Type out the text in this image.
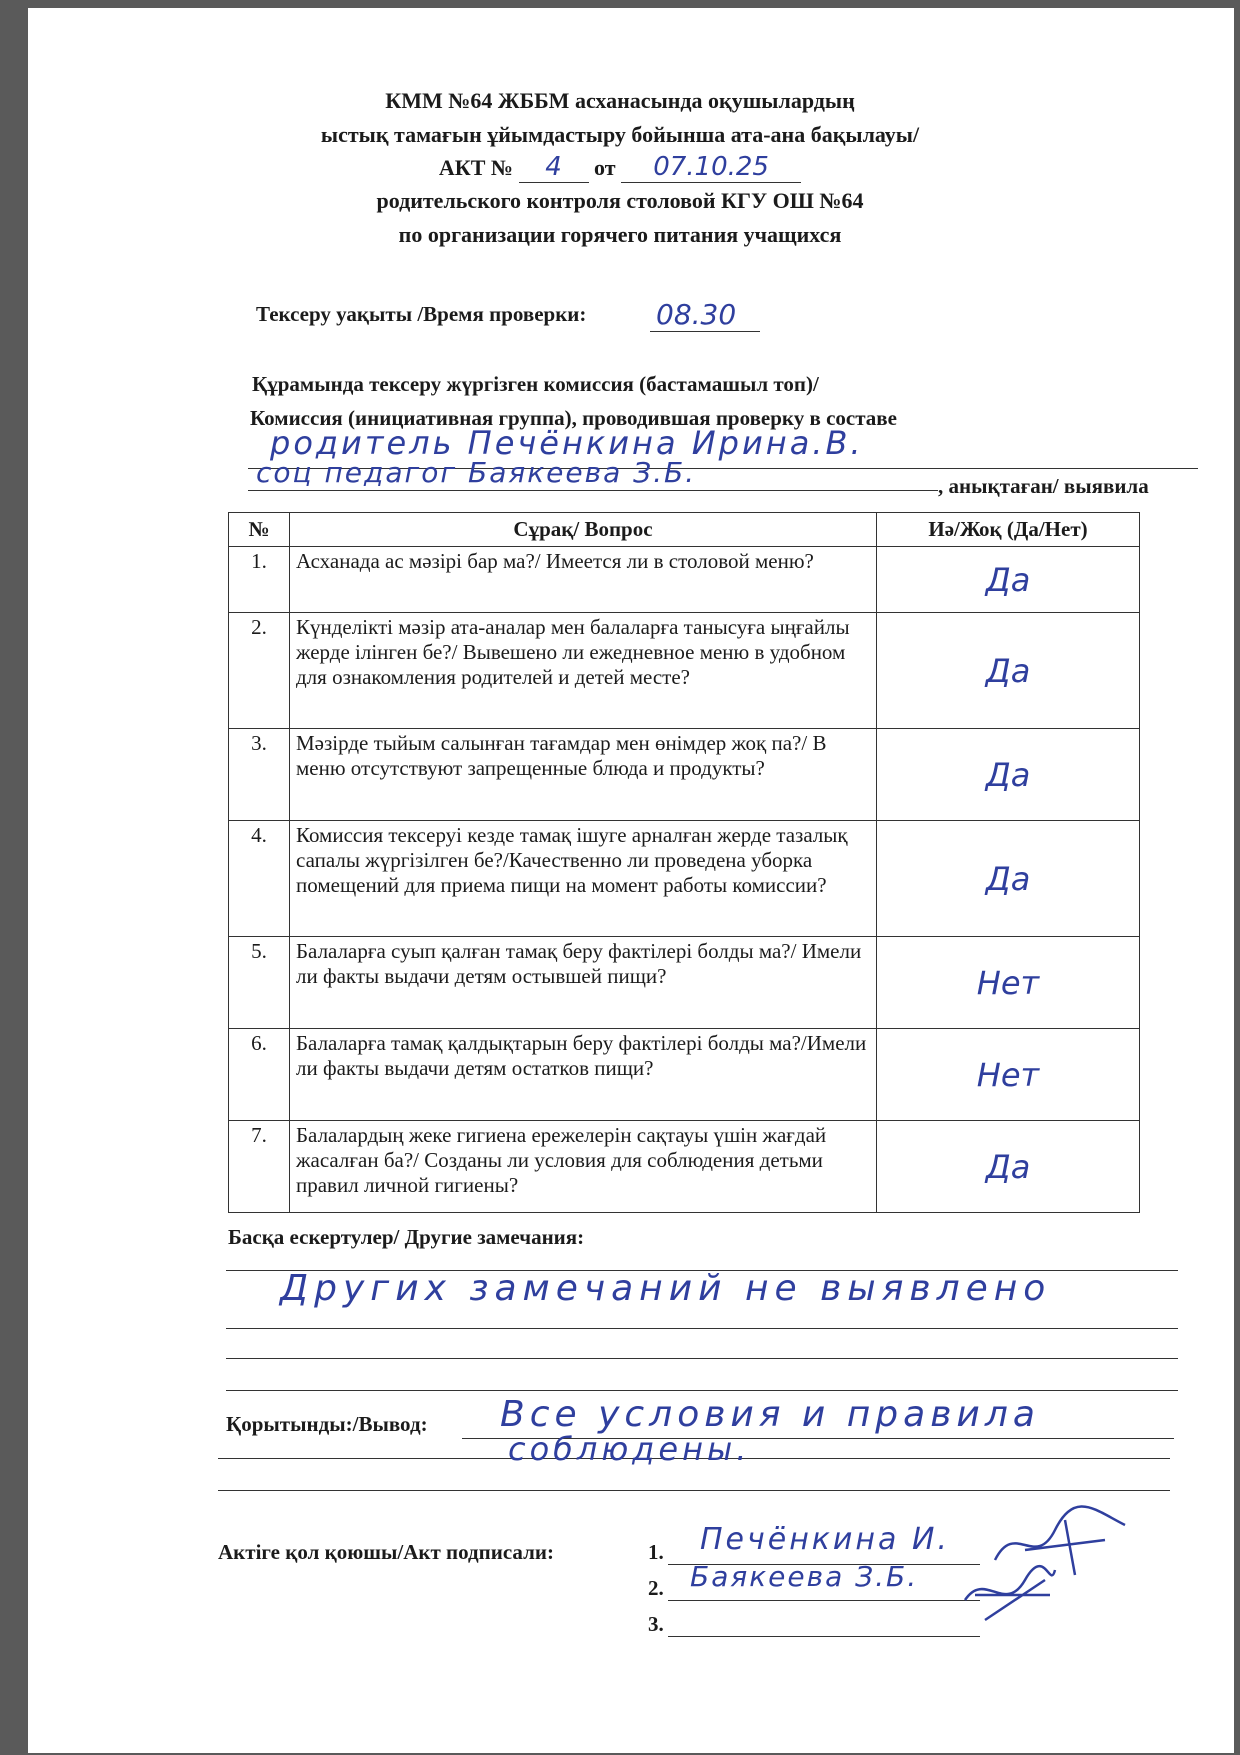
КММ №64 ЖББМ асханасында оқушылардың
ыстық тамағын ұйымдастыру бойынша ата-ана бақылауы/
АКТ № 4 от 07.10.25
родительского контроля столовой КГУ ОШ №64
по организации горячего питания учащихся
Тексеру уақыты /Время проверки: 08.30
Құрамында тексеру жүргізген комиссия (бастамашыл топ)/
Комиссия (инициативная группа), проводившая проверку в составе
родитель Печёнкина Ирина.В.
соц педагог Баякеева З.Б.	, анықтаған/ выявила
№	Сұрақ/ Вопрос	Иә/Жоқ (Да/Нет)
1.	Асханада ас мәзірі бар ма?/ Имеется ли в столовой меню?	Да
2.	Күнделікті мәзір ата-аналар мен балаларға танысуға ыңғайлы жерде ілінген бе?/ Вывешено ли ежедневное меню в удобном для ознакомления родителей и детей месте?	Да
3.	Мәзірде тыйым салынған тағамдар мен өнімдер жоқ па?/ В меню отсутствуют запрещенные блюда и продукты?	Да
4.	Комиссия тексеруі кезде тамақ ішуге арналған жерде тазалық сапалы жүргізілген бе?/Качественно ли проведена уборка помещений для приема пищи на момент работы комиссии?	Да
5.	Балаларға суып қалған тамақ беру фактілері болды ма?/ Имели ли факты выдачи детям остывшей пищи?	Нет
6.	Балаларға тамақ қалдықтарын беру фактілері болды ма?/Имели ли факты выдачи детям остатков пищи?	Нет
7.	Балалардың жеке гигиена ережелерін сақтауы үшін жағдай жасалған ба?/ Созданы ли условия для соблюдения детьми правил личной гигиены?	Да
Басқа ескертулер/ Другие замечания:
Других замечаний не выявлено
Қорытынды:/Вывод: Все условия и правила
соблюдены.
Актіге қол қоюшы/Акт подписали:	1. Печёнкина И.
2. Баякеева З.Б.
3.
